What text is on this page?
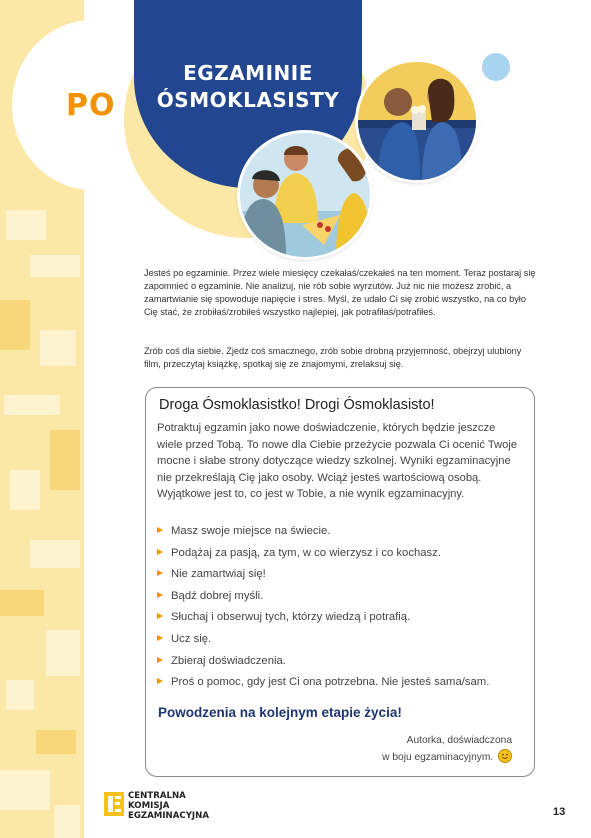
PO
EGZAMINIE
ÓSMOKLASISTY

Jesteś po egzaminie. Przez wiele miesięcy czekałaś/czekałeś na ten moment. Teraz postaraj się zapomnieć o egzaminie. Nie analizuj, nie rób sobie wyrzutów. Już nic nie możesz zrobić, a zamartwianie się spowoduje napięcie i stres. Myśl, że udało Ci się zrobić wszystko, na co było Cię stać, że zrobiłaś/zrobiłeś wszystko najlepiej, jak potrafiłaś/potrafiłeś.

Zrób coś dla siebie. Zjedz coś smacznego, zrób sobie drobną przyjemność, obejrzyj ulubiony film, przeczytaj książkę, spotkaj się ze znajomymi, zrelaksuj się.

Droga Ósmoklasistko! Drogi Ósmoklasisto!

Potraktuj egzamin jako nowe doświadczenie, których będzie jeszcze wiele przed Tobą. To nowe dla Ciebie przeżycie pozwala Ci ocenić Twoje mocne i słabe strony dotyczące wiedzy szkolnej. Wyniki egzaminacyjne nie przekreślają Cię jako osoby. Wciąż jesteś wartościową osobą. Wyjątkowe jest to, co jest w Tobie, a nie wynik egzaminacyjny.

Masz swoje miejsce na świecie.
Podążaj za pasją, za tym, w co wierzysz i co kochasz.
Nie zamartwiaj się!
Bądź dobrej myśli.
Słuchaj i obserwuj tych, którzy wiedzą i potrafią.
Ucz się.
Zbieraj doświadczenia.
Proś o pomoc, gdy jest Ci ona potrzebna. Nie jesteś sama/sam.

Powodzenia na kolejnym etapie życia!

Autorka, doświadczona
w boju egzaminacyjnym.
CENTRALNA
KOMISJA
EGZAMINACYJNA	13
